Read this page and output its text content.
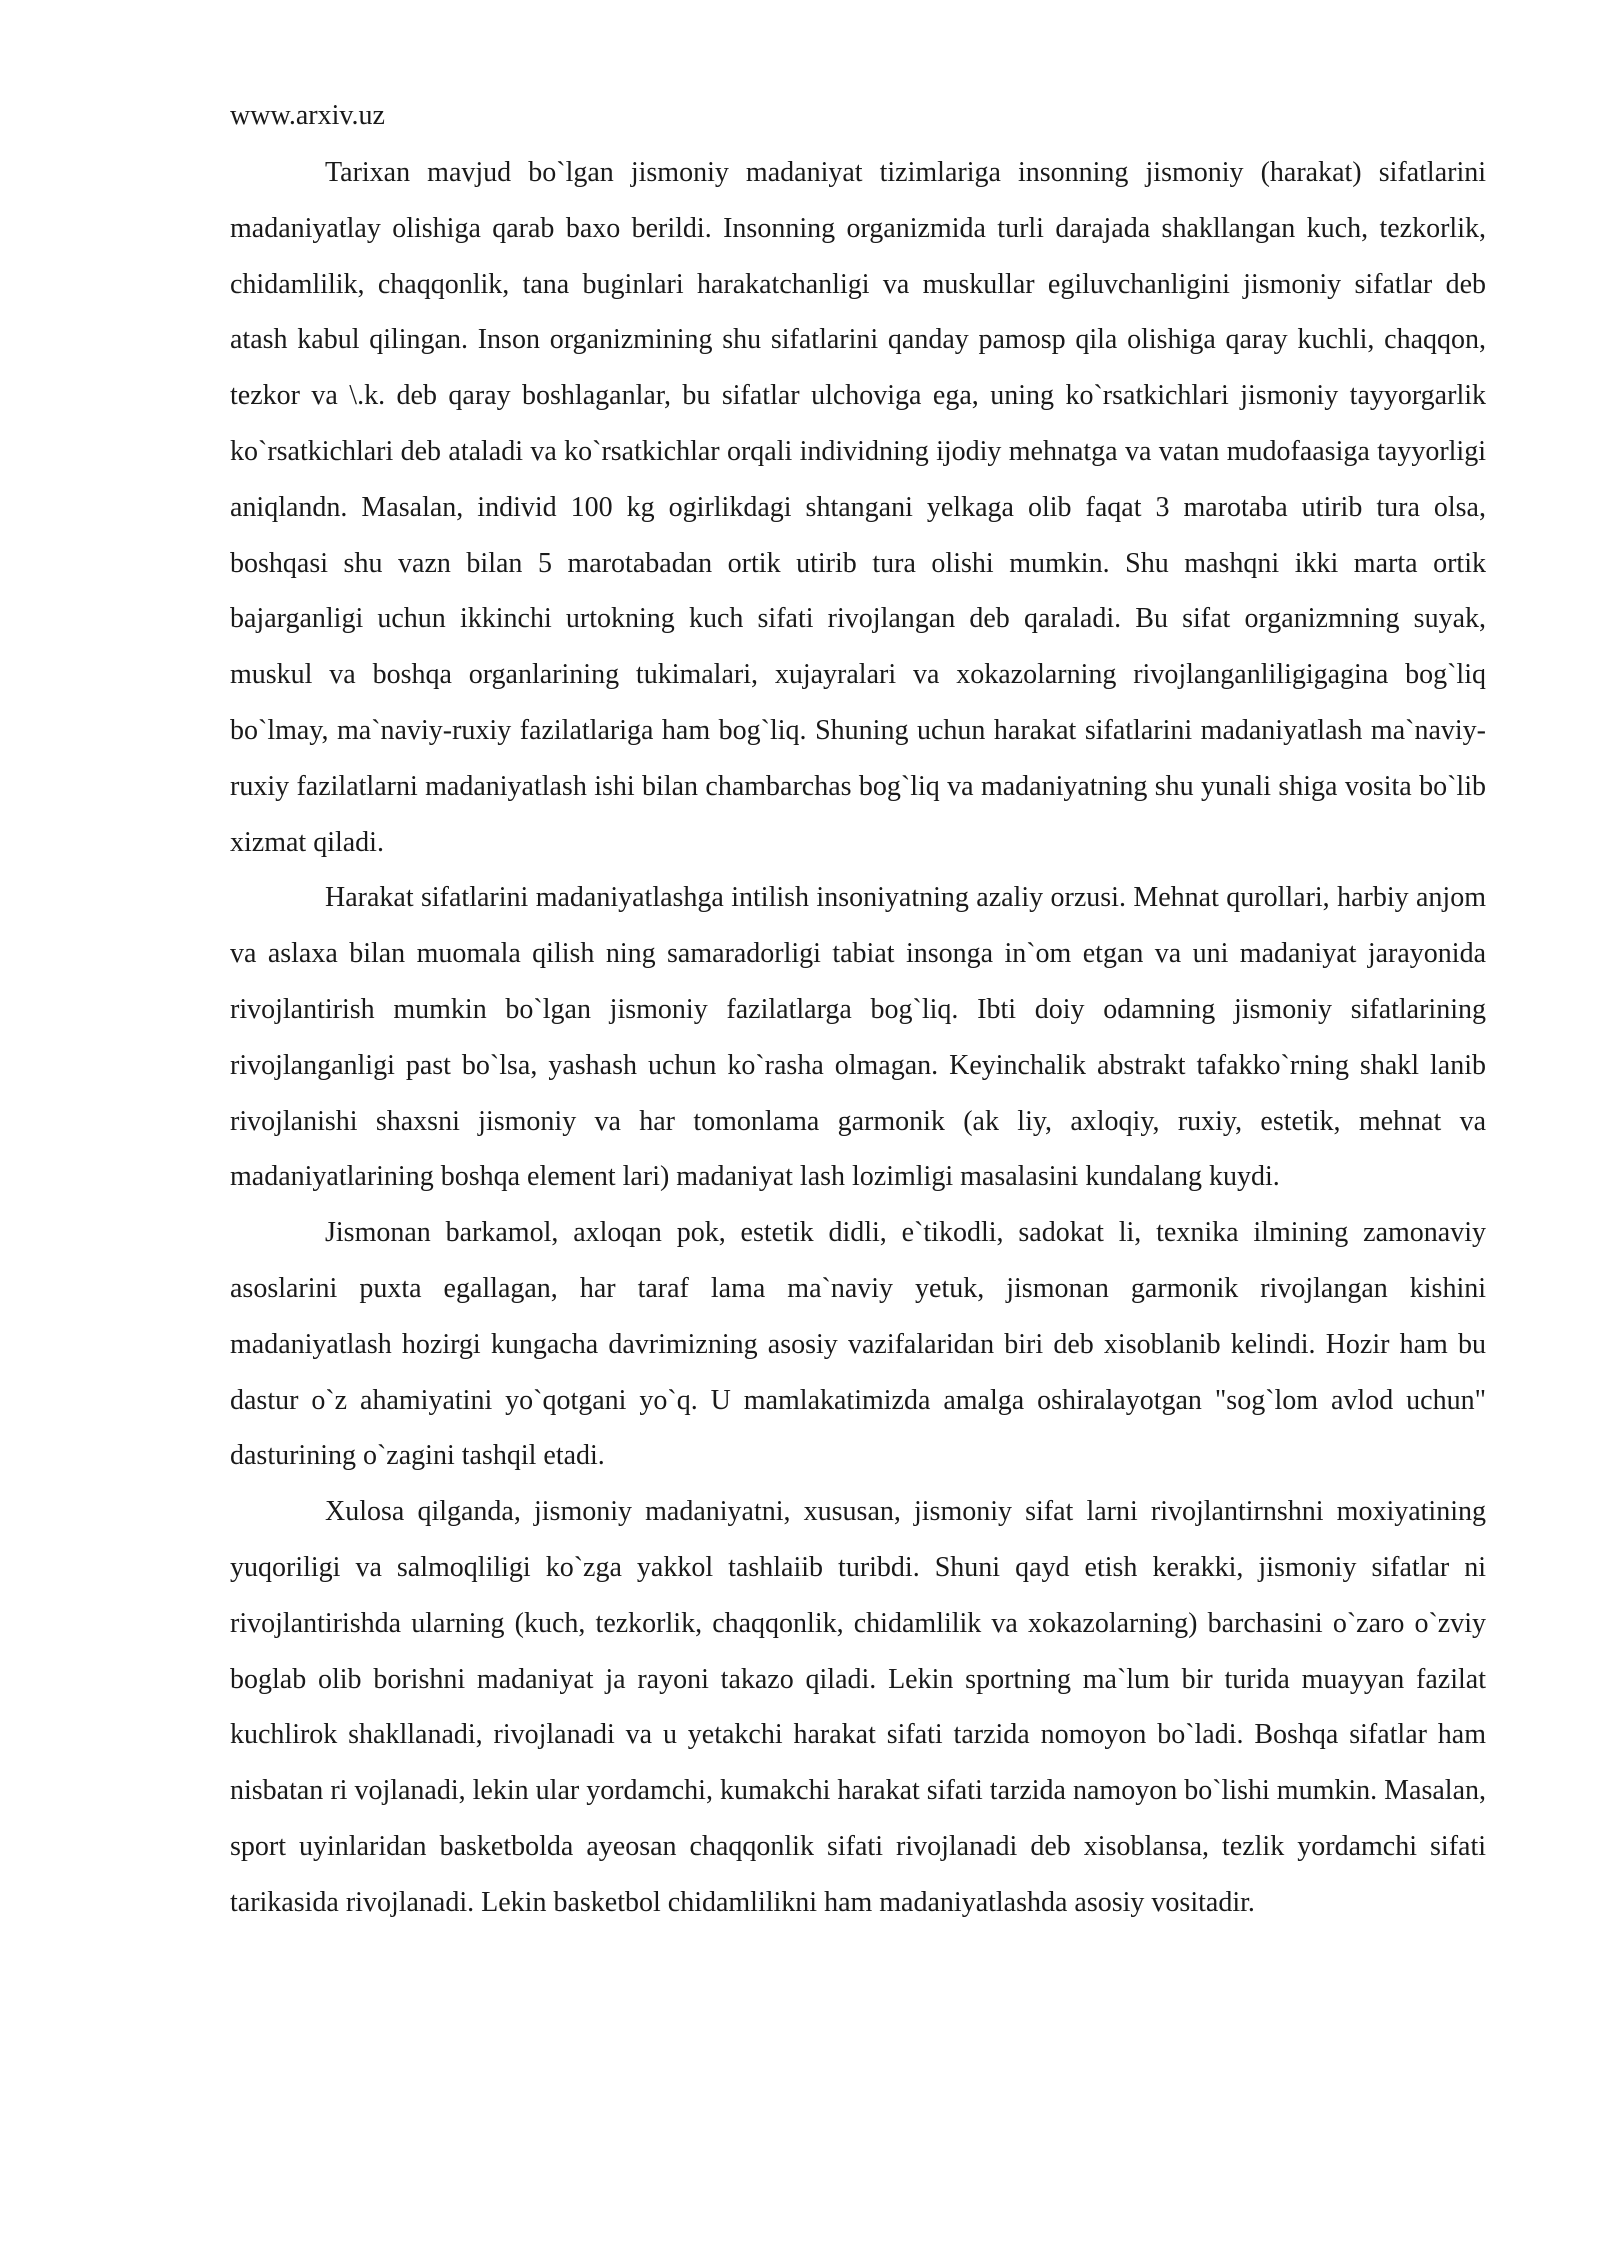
www.arxiv.uz

Tarixan mavjud bo`lgan jismoniy madaniyat tizimlariga insonning jismoniy (harakat) sifatlarini madaniyatlay olishiga qarab baxo berildi. Insonning organizmida turli darajada shakllangan kuch, tezkorlik, chidamlilik, chaqqonlik, tana buginlari harakatchanligi va muskullar egiluvchanligini jismoniy sifatlar deb atash kabul qilingan. Inson organizmining shu sifatlarini qanday pamosp qila olishiga qaray kuchli, chaqqon, tezkor va \.k. deb qaray boshlaganlar, bu sifatlar ulchoviga ega, uning ko`rsatkichlari jismoniy tayyorgarlik ko`rsatkichlari deb ataladi va ko`rsatkichlar orqali individning ijodiy mehnatga va vatan mudofaasiga tayyorligi aniqlandn. Masalan, individ 100 kg ogirlikdagi shtangani yelkaga olib faqat 3 marotaba utirib tura olsa, boshqasi shu vazn bilan 5 marotabadan ortik utirib tura olishi mumkin. Shu mashqni ikki marta ortik bajarganligi uchun ikkinchi urtokning kuch sifati rivojlangan deb qaraladi. Bu sifat organizmning suyak, muskul va boshqa organlarining tukimalari, xujayralari va xokazolarning rivojlanganliligigagina bog`liq bo`lmay, ma`naviy-ruxiy fazilatlariga ham bog`liq. Shuning uchun harakat sifatlarini madaniyatlash ma`naviy-ruxiy fazilatlarni madaniyatlash ishi bilan chambarchas bog`liq va madaniyatning shu yunali shiga vosita bo`lib xizmat qiladi.

Harakat sifatlarini madaniyatlashga intilish insoniyatning azaliy orzusi. Mehnat qurollari, harbiy anjom va aslaxa bilan muomala qilish ning samaradorligi tabiat insonga in`om etgan va uni madaniyat jarayonida rivojlantirish mumkin bo`lgan jismoniy fazilatlarga bog`liq. Ibti doiy odamning jismoniy sifatlarining rivojlanganligi past bo`lsa, yashash uchun ko`rasha olmagan. Keyinchalik abstrakt tafakko`rning shakl lanib rivojlanishi shaxsni jismoniy va har tomonlama garmonik (ak liy, axloqiy, ruxiy, estetik, mehnat va madaniyatlarining boshqa element lari) madaniyat lash lozimligi masalasini kundalang kuydi.

Jismonan barkamol, axloqan pok, estetik didli, e`tikodli, sadokat li, texnika ilmining zamonaviy asoslarini puxta egallagan, har taraf lama ma`naviy yetuk, jismonan garmonik rivojlangan kishini madaniyatlash hozirgi kungacha davrimizning asosiy vazifalaridan biri deb xisoblanib kelindi. Hozir ham bu dastur o`z ahamiyatini yo`qotgani yo`q. U mamlakatimizda amalga oshiralayotgan "sog`lom avlod uchun" dasturining o`zagini tashqil etadi.

Xulosa qilganda, jismoniy madaniyatni, xususan, jismoniy sifat larni rivojlantirnshni moxiyatining yuqoriligi va salmoqliligi ko`zga yakkol tashlaiib turibdi. Shuni qayd etish kerakki, jismoniy sifatlar ni rivojlantirishda ularning (kuch, tezkorlik, chaqqonlik, chidamlilik va xokazolarning) barchasini o`zaro o`zviy boglab olib borishni madaniyat ja rayoni takazo qiladi. Lekin sportning ma`lum bir turida muayyan fazilat kuchlirok shakllanadi, rivojlanadi va u yetakchi harakat sifati tarzida nomoyon bo`ladi. Boshqa sifatlar ham nisbatan ri vojlanadi, lekin ular yordamchi, kumakchi harakat sifati tarzida namoyon bo`lishi mumkin. Masalan, sport uyinlaridan basketbolda ayeosan chaqqonlik sifati rivojlanadi deb xisoblansa, tezlik yordamchi sifati tarikasida rivojlanadi. Lekin basketbol chidamlilikni ham madaniyatlashda asosiy vositadir.
